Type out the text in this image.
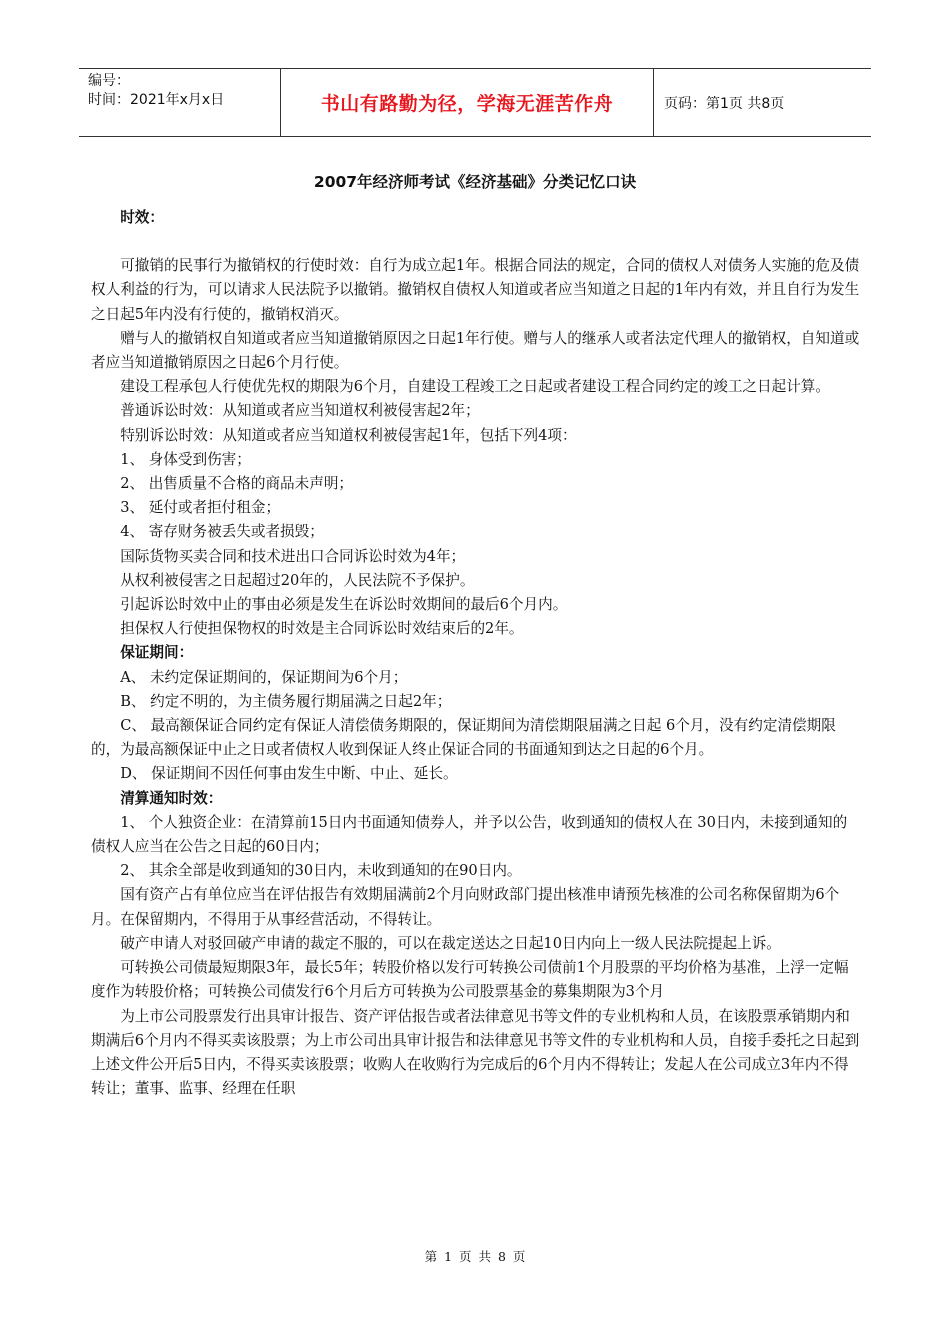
编号：
时间：2021年x月x日	书山有路勤为径，学海无涯苦作舟	页码：第1页 共8页
2007年经济师考试《经济基础》分类记忆口诀

时效：

可撤销的民事行为撤销权的行使时效：自行为成立起1年。根据合同法的规定，合同的债权人对债务人实施的危及债权人利益的行为，可以请求人民法院予以撤销。撤销权自债权人知道或者应当知道之日起的1年内有效，并且自行为发生之日起5年内没有行使的，撤销权消灭。

赠与人的撤销权自知道或者应当知道撤销原因之日起1年行使。赠与人的继承人或者法定代理人的撤销权，自知道或者应当知道撤销原因之日起6个月行使。

建设工程承包人行使优先权的期限为6个月，自建设工程竣工之日起或者建设工程合同约定的竣工之日起计算。

普通诉讼时效：从知道或者应当知道权利被侵害起2年；

特别诉讼时效：从知道或者应当知道权利被侵害起1年，包括下列4项：

1、 身体受到伤害；

2、 出售质量不合格的商品未声明；

3、 延付或者拒付租金；

4、 寄存财务被丢失或者损毁；

国际货物买卖合同和技术进出口合同诉讼时效为4年；

从权利被侵害之日起超过20年的，人民法院不予保护。

引起诉讼时效中止的事由必须是发生在诉讼时效期间的最后6个月内。

担保权人行使担保物权的时效是主合同诉讼时效结束后的2年。

保证期间：

A、 未约定保证期间的，保证期间为6个月；

B、 约定不明的，为主债务履行期届满之日起2年；

C、 最高额保证合同约定有保证人清偿债务期限的，保证期间为清偿期限届满之日起 6个月，没有约定清偿期限的，为最高额保证中止之日或者债权人收到保证人终止保证合同的书面通知到达之日起的6个月。

D、 保证期间不因任何事由发生中断、中止、延长。

清算通知时效：

1、 个人独资企业：在清算前15日内书面通知债券人，并予以公告，收到通知的债权人在 30日内，未接到通知的债权人应当在公告之日起的60日内；

2、 其余全部是收到通知的30日内，未收到通知的在90日内。

国有资产占有单位应当在评估报告有效期届满前2个月向财政部门提出核准申请预先核准的公司名称保留期为6个月。在保留期内，不得用于从事经营活动，不得转让。

破产申请人对驳回破产申请的裁定不服的，可以在裁定送达之日起10日内向上一级人民法院提起上诉。

可转换公司债最短期限3年，最长5年；转股价格以发行可转换公司债前1个月股票的平均价格为基准，上浮一定幅度作为转股价格；可转换公司债发行6个月后方可转换为公司股票基金的募集期限为3个月

为上市公司股票发行出具审计报告、资产评估报告或者法律意见书等文件的专业机构和人员，在该股票承销期内和期满后6个月内不得买卖该股票；为上市公司出具审计报告和法律意见书等文件的专业机构和人员，自接手委托之日起到上述文件公开后5日内，不得买卖该股票；收购人在收购行为完成后的6个月内不得转让；发起人在公司成立3年内不得转让；董事、监事、经理在任职

第 1 页 共 8 页
